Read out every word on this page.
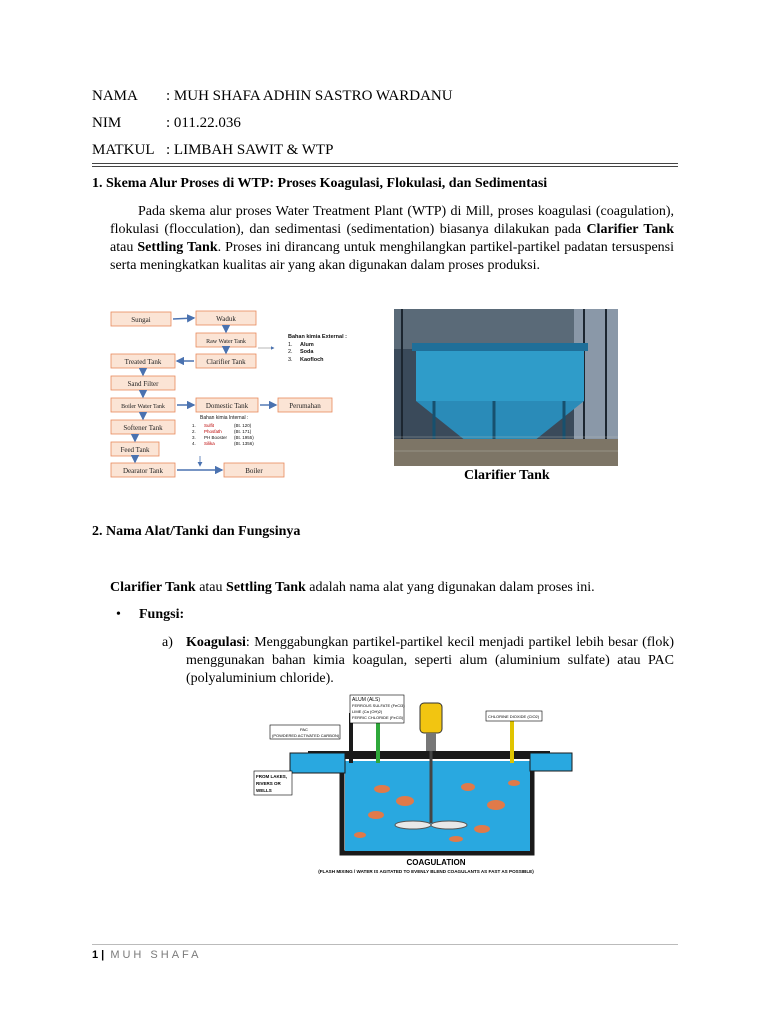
NAMA : MUH SHAFA ADHIN SASTRO WARDANU
NIM	: 011.22.036
MATKUL : LIMBAH SAWIT & WTP
1. Skema Alur Proses di WTP: Proses Koagulasi, Flokulasi, dan Sedimentasi
Pada skema alur proses Water Treatment Plant (WTP) di Mill, proses koagulasi (coagulation), flokulasi (flocculation), dan sedimentasi (sedimentation) biasanya dilakukan pada Clarifier Tank atau Settling Tank. Proses ini dirancang untuk menghilangkan partikel-partikel padatan tersuspensi serta meningkatkan kualitas air yang akan digunakan dalam proses produksi.
Sungai	Waduk
Raw Water Tank
Treated Tank	Clarifier Tank
Sand Filter
Boiler Water Tank	Domestic Tank	Perumahan
Softener Tank
Feed Tank
Dearator Tank	Boiler
Bahan kimia External :
1. Alum
2. Soda
3. Kaofloch
Bahan kimia Internal :
1. Sulfit	(Bt. 120)
2. Phosfath	(Bt. 171)
3. PH Booster (Bt. 1955)
4. Silika	(Bt. 1356)
Clarifier Tank
2. Nama Alat/Tanki dan Fungsinya
Clarifier Tank atau Settling Tank adalah nama alat yang digunakan dalam proses ini.
• Fungsi:
a) Koagulasi: Menggabungkan partikel-partikel kecil menjadi partikel lebih besar (flok) menggunakan bahan kimia koagulan, seperti alum (aluminium sulfate) atau PAC (polyaluminium chloride).
ALUM (ALS)
FERROUS SULFATE (FeCl3)
LIME (Ca (OH)2)
FERRIC CHLORIDE (FeCl3)	CHLORINE DIOXIDE (ClO2)
PAC
(POWDERED ACTIVATED CARBON)
FROM LAKES,
RIVERS OR
WELLS
COAGULATION
(FLASH MIXING / WATER IS AGITATED TO EVENLY BLEND COAGULANTS AS FAST AS POSSIBLE)
1 | MUH SHAFA
